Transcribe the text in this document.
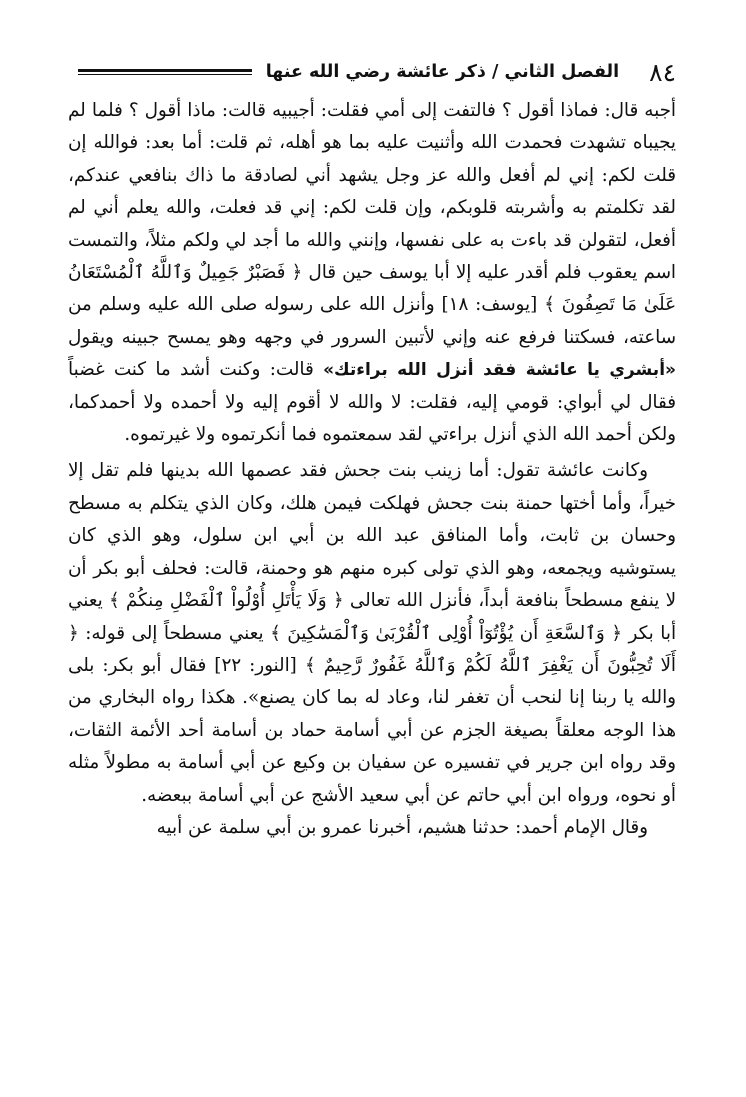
٨٤
الفصل الثاني / ذكر عائشة رضي الله عنها

أجبه قال: فماذا أقول ؟ فالتفت إلى أمي فقلت: أجيبيه قالت: ماذا أقول ؟ فلما لم يجيباه تشهدت فحمدت الله وأثنيت عليه بما هو أهله، ثم قلت: أما بعد: فوالله إن قلت لكم: إني لم أفعل والله عز وجل يشهد أني لصادقة ما ذاك بنافعي عندكم، لقد تكلمتم به وأشربته قلوبكم، وإن قلت لكم: إني قد فعلت، والله يعلم أني لم أفعل، لتقولن قد باءت به على نفسها، وإنني والله ما أجد لي ولكم مثلاً، والتمست اسم يعقوب فلم أقدر عليه إلا أبا يوسف حين قال ﴿ فَصَبْرٌ جَمِيلٌ وَٱللَّهُ ٱلْمُسْتَعَانُ عَلَىٰ مَا تَصِفُونَ ﴾ [يوسف: ١٨] وأنزل الله على رسوله صلى الله عليه وسلم من ساعته، فسكتنا فرفع عنه وإني لأتبين السرور في وجهه وهو يمسح جبينه ويقول «أبشري يا عائشة فقد أنزل الله براءتك» قالت: وكنت أشد ما كنت غضباً فقال لي أبواي: قومي إليه، فقلت: لا والله لا أقوم إليه ولا أحمده ولا أحمدكما، ولكن أحمد الله الذي أنزل براءتي لقد سمعتموه فما أنكرتموه ولا غيرتموه.

وكانت عائشة تقول: أما زينب بنت جحش فقد عصمها الله بدينها فلم تقل إلا خيراً، وأما أختها حمنة بنت جحش فهلكت فيمن هلك، وكان الذي يتكلم به مسطح وحسان بن ثابت، وأما المنافق عبد الله بن أبي ابن سلول، وهو الذي كان يستوشيه ويجمعه، وهو الذي تولى كبره منهم هو وحمنة، قالت: فحلف أبو بكر أن لا ينفع مسطحاً بنافعة أبداً، فأنزل الله تعالى ﴿ وَلَا يَأْتَلِ أُوْلُواْ ٱلْفَضْلِ مِنكُمْ ﴾ يعني أبا بكر ﴿ وَٱلسَّعَةِ أَن يُؤْتُوٓاْ أُوْلِى ٱلْقُرْبَىٰ وَٱلْمَسَٰكِينَ ﴾ يعني مسطحاً إلى قوله: ﴿ أَلَا تُحِبُّونَ أَن يَغْفِرَ ٱللَّهُ لَكُمْ وَٱللَّهُ غَفُورٌ رَّحِيمٌ ﴾ [النور: ٢٢] فقال أبو بكر: بلى والله يا ربنا إنا لنحب أن تغفر لنا، وعاد له بما كان يصنع». هكذا رواه البخاري من هذا الوجه معلقاً بصيغة الجزم عن أبي أسامة حماد بن أسامة أحد الأئمة الثقات، وقد رواه ابن جرير في تفسيره عن سفيان بن وكيع عن أبي أسامة به مطولاً مثله أو نحوه، ورواه ابن أبي حاتم عن أبي سعيد الأشج عن أبي أسامة ببعضه.

وقال الإمام أحمد: حدثنا هشيم، أخبرنا عمرو بن أبي سلمة عن أبيه
